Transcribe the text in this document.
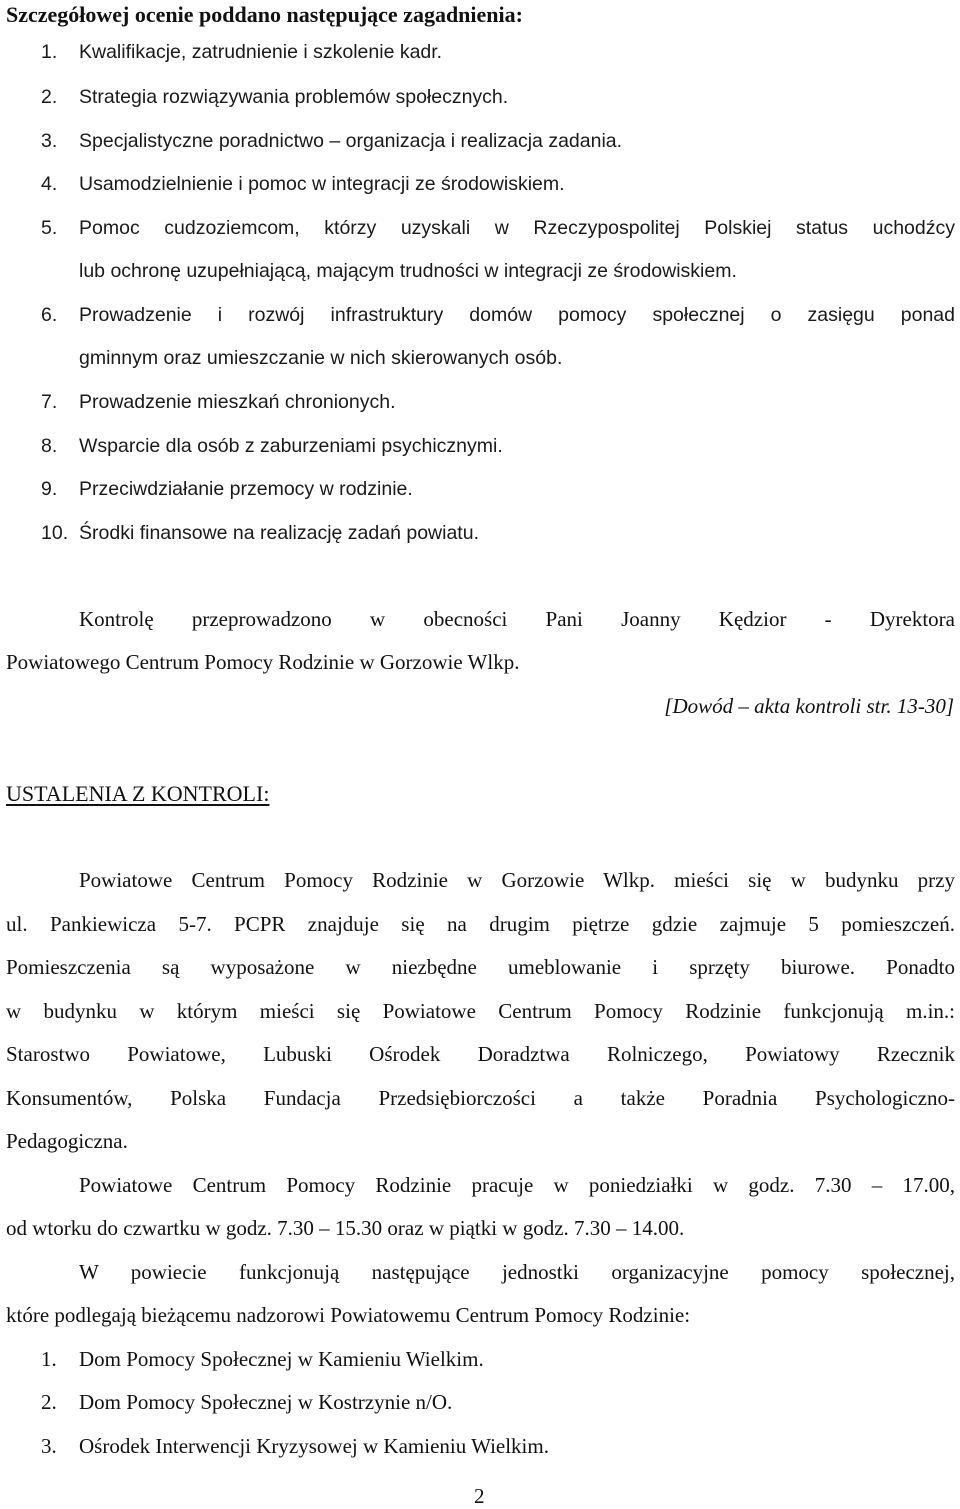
Szczegółowej ocenie poddano następujące zagadnienia:
1. Kwalifikacje, zatrudnienie i szkolenie kadr.
2. Strategia rozwiązywania problemów społecznych.
3. Specjalistyczne poradnictwo – organizacja i realizacja zadania.
4. Usamodzielnienie i pomoc w integracji ze środowiskiem.
5. Pomoc cudzoziemcom, którzy uzyskali w Rzeczypospolitej Polskiej status uchodźcy
lub ochronę uzupełniającą, mającym trudności w integracji ze środowiskiem.
6. Prowadzenie i rozwój infrastruktury domów pomocy społecznej o zasięgu ponad
gminnym oraz umieszczanie w nich skierowanych osób.
7. Prowadzenie mieszkań chronionych.
8. Wsparcie dla osób z zaburzeniami psychicznymi.
9. Przeciwdziałanie przemocy w rodzinie.
10. Środki finansowe na realizację zadań powiatu.
Kontrolę przeprowadzono w obecności Pani Joanny Kędzior - Dyrektora
Powiatowego Centrum Pomocy Rodzinie w Gorzowie Wlkp.
[Dowód – akta kontroli str. 13-30]
USTALENIA Z KONTROLI:
Powiatowe Centrum Pomocy Rodzinie w Gorzowie Wlkp. mieści się w budynku przy
ul. Pankiewicza 5-7. PCPR znajduje się na drugim piętrze gdzie zajmuje 5 pomieszczeń.
Pomieszczenia są wyposażone w niezbędne umeblowanie i sprzęty biurowe. Ponadto
w budynku w którym mieści się Powiatowe Centrum Pomocy Rodzinie funkcjonują m.in.:
Starostwo Powiatowe, Lubuski Ośrodek Doradztwa Rolniczego, Powiatowy Rzecznik
Konsumentów, Polska Fundacja Przedsiębiorczości a także Poradnia Psychologiczno-
Pedagogiczna.
Powiatowe Centrum Pomocy Rodzinie pracuje w poniedziałki w godz. 7.30 – 17.00,
od wtorku do czwartku w godz. 7.30 – 15.30 oraz w piątki w godz. 7.30 – 14.00.
W powiecie funkcjonują następujące jednostki organizacyjne pomocy społecznej,
które podlegają bieżącemu nadzorowi Powiatowemu Centrum Pomocy Rodzinie:
1. Dom Pomocy Społecznej w Kamieniu Wielkim.
2. Dom Pomocy Społecznej w Kostrzynie n/O.
3. Ośrodek Interwencji Kryzysowej w Kamieniu Wielkim.
2
